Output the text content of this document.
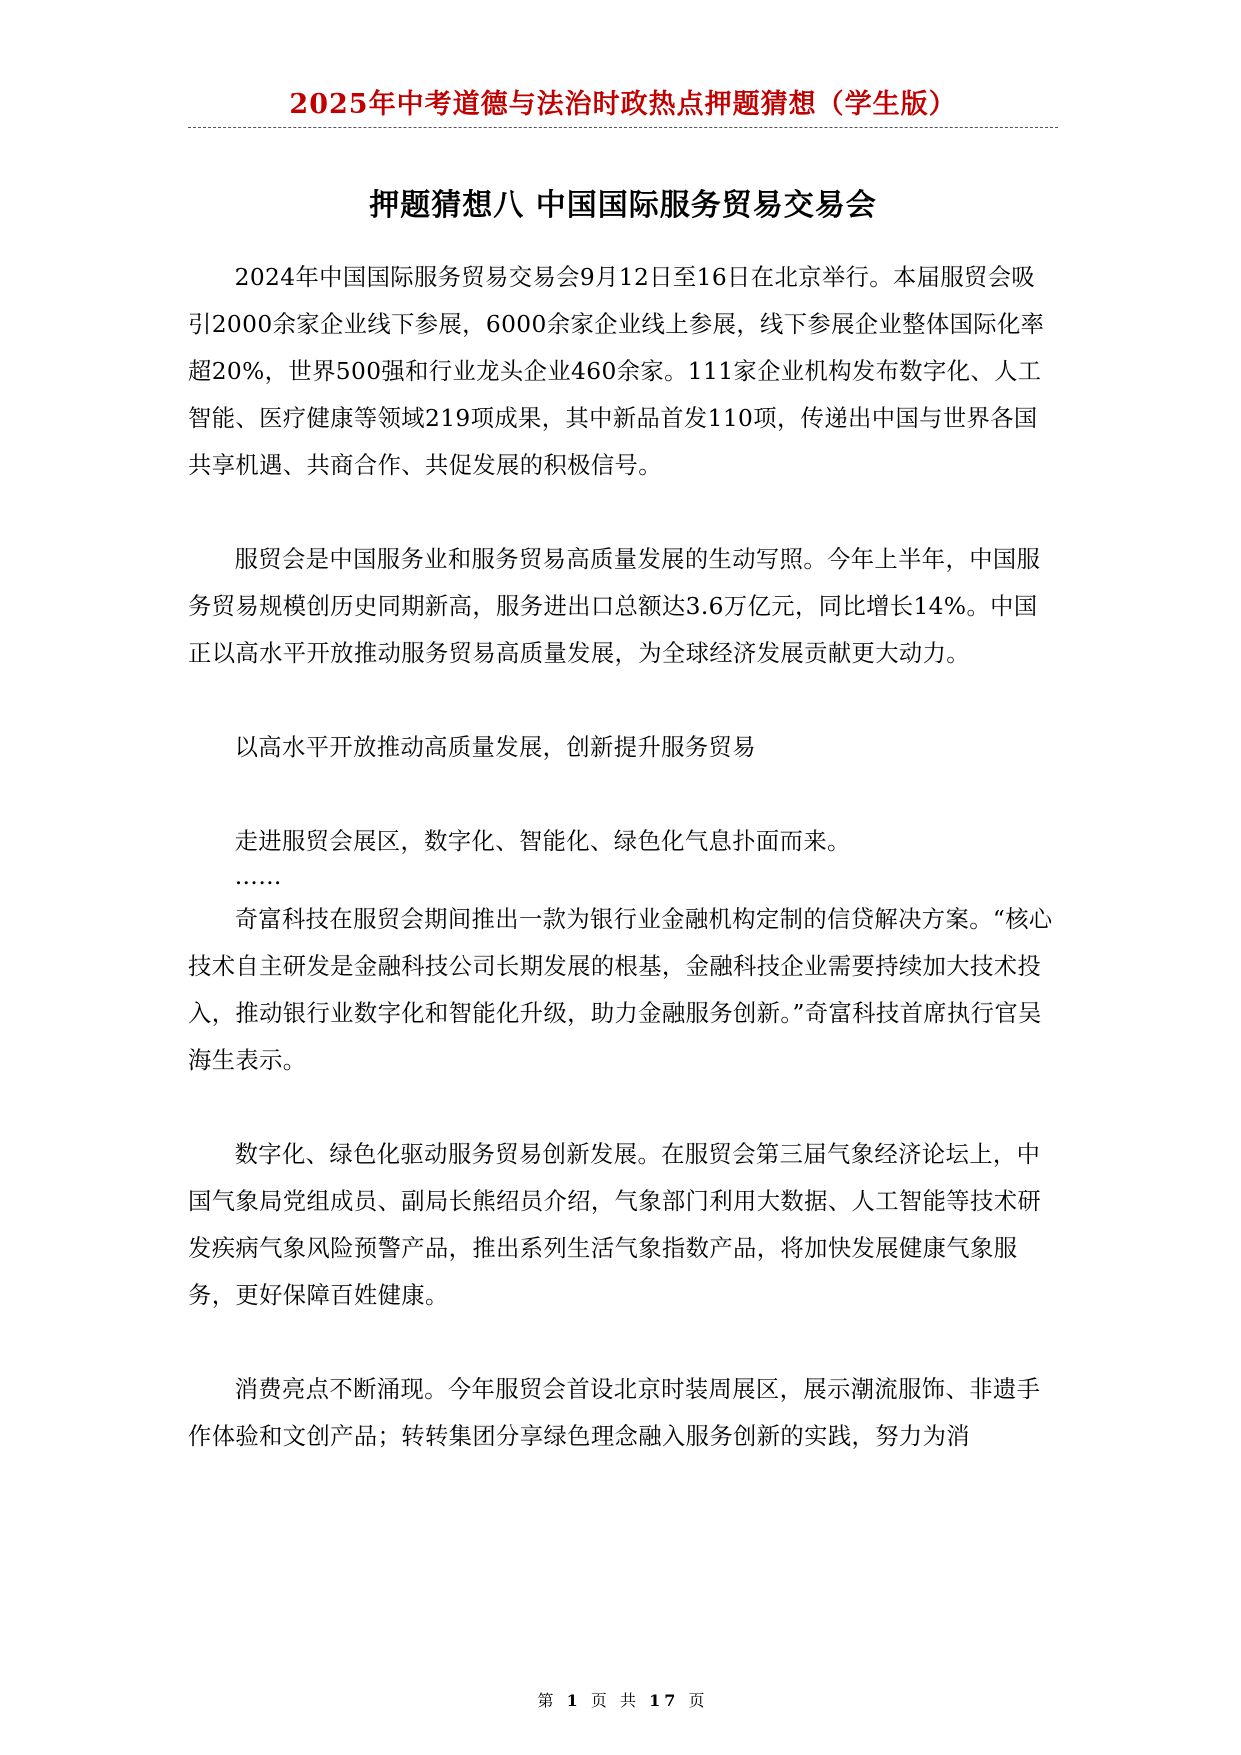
2025年中考道德与法治时政热点押题猜想（学生版）
押题猜想八 中国国际服务贸易交易会

2024年中国国际服务贸易交易会9月12日至16日在北京举行。本届服贸会吸引2000余家企业线下参展，6000余家企业线上参展，线下参展企业整体国际化率超20%，世界500强和行业龙头企业460余家。111家企业机构发布数字化、人工智能、医疗健康等领域219项成果，其中新品首发110项，传递出中国与世界各国共享机遇、共商合作、共促发展的积极信号。

服贸会是中国服务业和服务贸易高质量发展的生动写照。今年上半年，中国服务贸易规模创历史同期新高，服务进出口总额达3.6万亿元，同比增长14%。中国正以高水平开放推动服务贸易高质量发展，为全球经济发展贡献更大动力。

以高水平开放推动高质量发展，创新提升服务贸易

走进服贸会展区，数字化、智能化、绿色化气息扑面而来。

……

奇富科技在服贸会期间推出一款为银行业金融机构定制的信贷解决方案。“核心技术自主研发是金融科技公司长期发展的根基，金融科技企业需要持续加大技术投入，推动银行业数字化和智能化升级，助力金融服务创新。”奇富科技首席执行官吴海生表示。

数字化、绿色化驱动服务贸易创新发展。在服贸会第三届气象经济论坛上，中国气象局党组成员、副局长熊绍员介绍，气象部门利用大数据、人工智能等技术研发疾病气象风险预警产品，推出系列生活气象指数产品，将加快发展健康气象服务，更好保障百姓健康。

消费亮点不断涌现。今年服贸会首设北京时装周展区，展示潮流服饰、非遗手作体验和文创产品；转转集团分享绿色理念融入服务创新的实践，努力为消

第 1 页 共 17 页
